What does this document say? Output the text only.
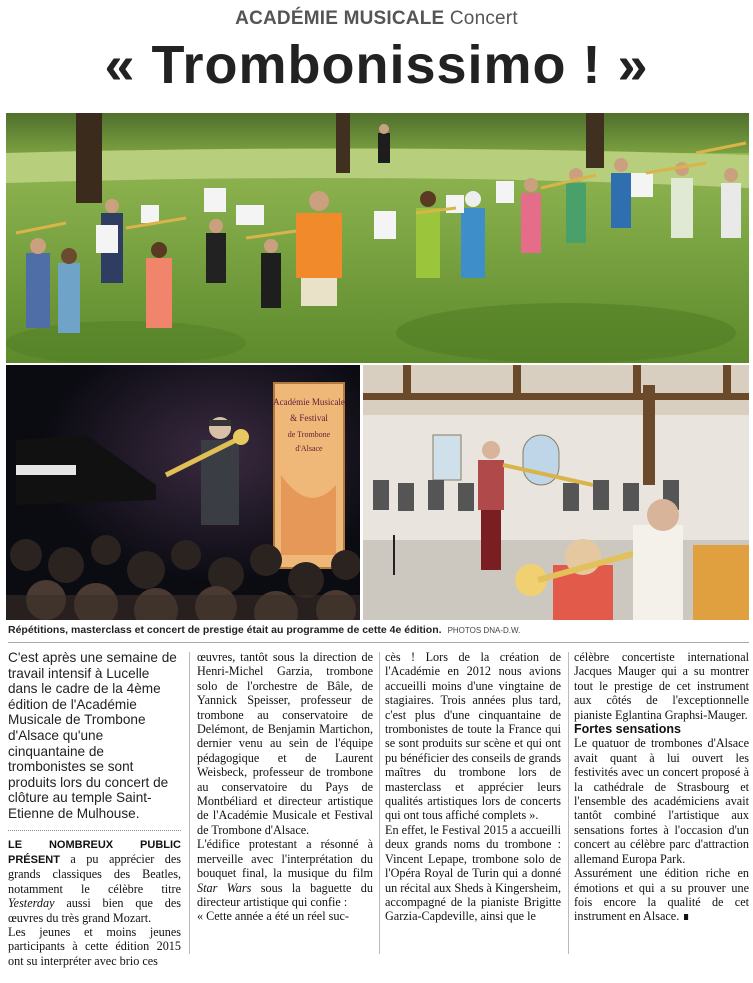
ACADÉMIE MUSICALE Concert
« Trombonissimo ! »
Académie Musicale
& Festival
de Trombone
d'Alsace
Répétitions, masterclass et concert de prestige était au programme de cette 4e édition. PHOTOS DNA-D.W.

C'est après une semaine de travail intensif à Lucelle dans le cadre de la 4ème édition de l'Académie Musicale de Trombone d'Alsace qu'une cinquantaine de trombonistes se sont produits lors du concert de clôture au temple Saint-Etienne de Mulhouse.

LE NOMBREUX PUBLIC PRÉSENT a pu apprécier des grands classiques des Beatles, notamment le célèbre titre Yesterday aussi bien que des œuvres du très grand Mozart.

Les jeunes et moins jeunes participants à cette édition 2015 ont su interpréter avec brio ces

œuvres, tantôt sous la direction de Henri-Michel Garzia, trombone solo de l'orchestre de Bâle, de Yannick Speisser, professeur de trombone au conservatoire de Delémont, de Benjamin Martichon, dernier venu au sein de l'équipe pédagogique et de Laurent Weisbeck, professeur de trombone au conservatoire du Pays de Montbéliard et directeur artistique de l'Académie Musicale et Festival de Trombone d'Alsace.

L'édifice protestant a résonné à merveille avec l'interprétation du bouquet final, la musique du film Star Wars sous la baguette du directeur artistique qui confie :

« Cette année a été un réel suc-

cès ! Lors de la création de l'Académie en 2012 nous avions accueilli moins d'une vingtaine de stagiaires. Trois années plus tard, c'est plus d'une cinquantaine de trombonistes de toute la France qui se sont produits sur scène et qui ont pu bénéficier des conseils de grands maîtres du trombone lors de masterclass et apprécier leurs qualités artistiques lors de concerts qui ont tous affiché complets ».

En effet, le Festival 2015 a accueilli deux grands noms du trombone : Vincent Lepape, trombone solo de l'Opéra Royal de Turin qui a donné un récital aux Sheds à Kingersheim, accompagné de la pianiste Brigitte Garzia-Capdeville, ainsi que le

célèbre concertiste international Jacques Mauger qui a su montrer tout le prestige de cet instrument aux côtés de l'exceptionnelle pianiste Eglantina Graphsi-Mauger.

Fortes sensations

Le quatuor de trombones d'Alsace avait quant à lui ouvert les festivités avec un concert proposé à la cathédrale de Strasbourg et l'ensemble des académiciens avait tantôt combiné l'artistique aux sensations fortes à l'occasion d'un concert au célèbre parc d'attraction allemand Europa Park.

Assurément une édition riche en émotions et qui a su prouver une fois encore la qualité de cet instrument en Alsace. ∎
